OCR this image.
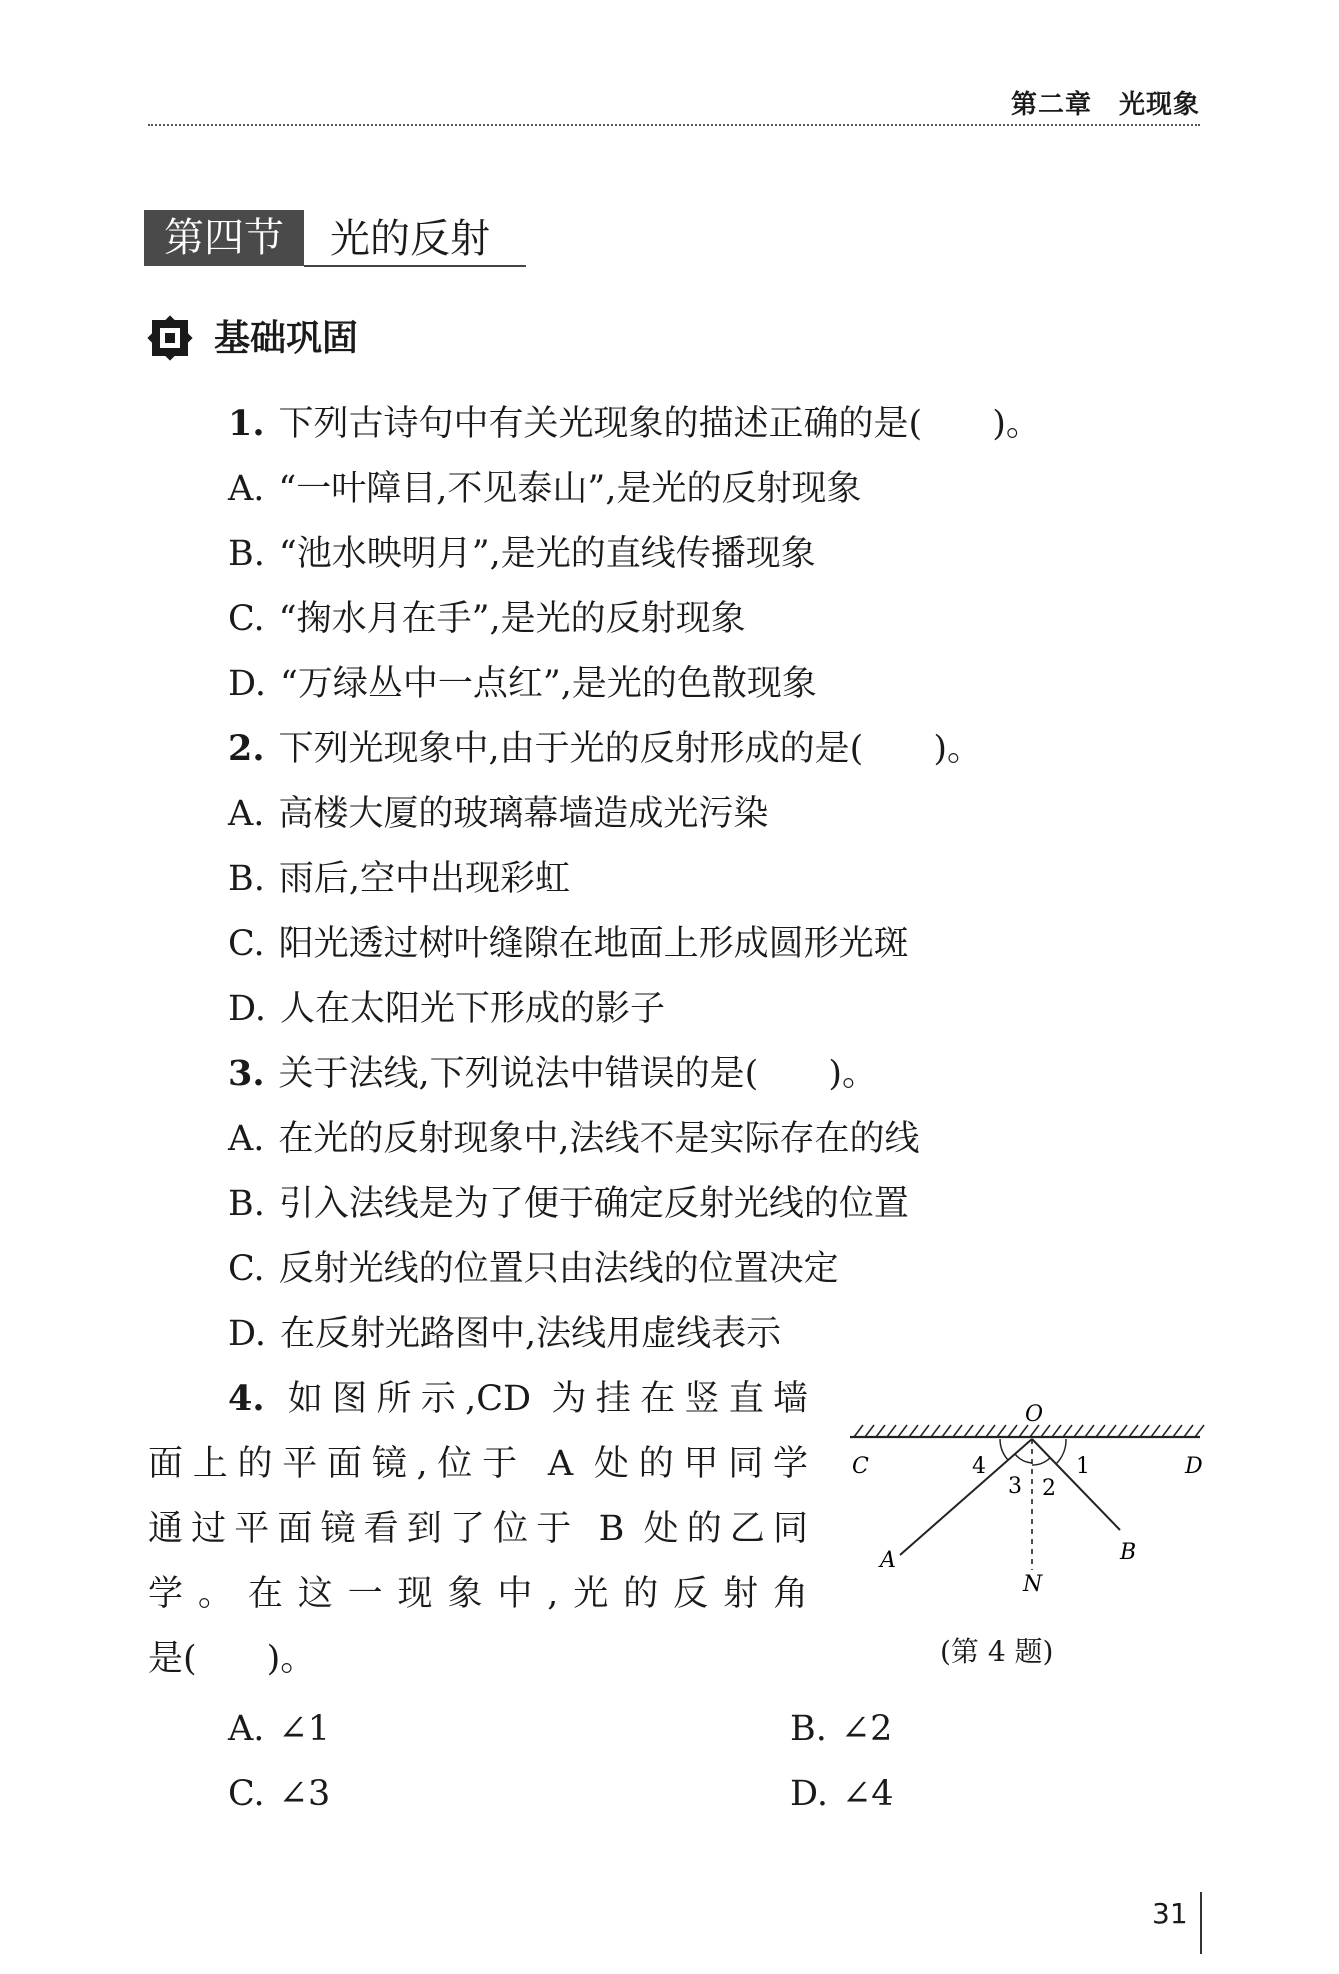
第二章　光现象
第四节	光的反射
基础巩固
1. 下列古诗句中有关光现象的描述正确的是(　　)。
A. “一叶障目,不见泰山”,是光的反射现象
B. “池水映明月”,是光的直线传播现象
C. “掬水月在手”,是光的反射现象
D. “万绿丛中一点红”,是光的色散现象
2. 下列光现象中,由于光的反射形成的是(　　)。
A. 高楼大厦的玻璃幕墙造成光污染
B. 雨后,空中出现彩虹
C. 阳光透过树叶缝隙在地面上形成圆形光斑
D. 人在太阳光下形成的影子
3. 关于法线,下列说法中错误的是(　　)。
A. 在光的反射现象中,法线不是实际存在的线
B. 引入法线是为了便于确定反射光线的位置
C. 反射光线的位置只由法线的位置决定
D. 在反射光路图中,法线用虚线表示
4. 如图所示,CD 为挂在竖直墙
面上的平面镜,位于 A 处的甲同学
通过平面镜看到了位于 B 处的乙同
学。在这一现象中,光的反射角
是(　　)。
A. ∠1	B. ∠2
C. ∠3	D. ∠4
O
C	D
A	B
N
1
2
3
4
(第 4 题)
31
